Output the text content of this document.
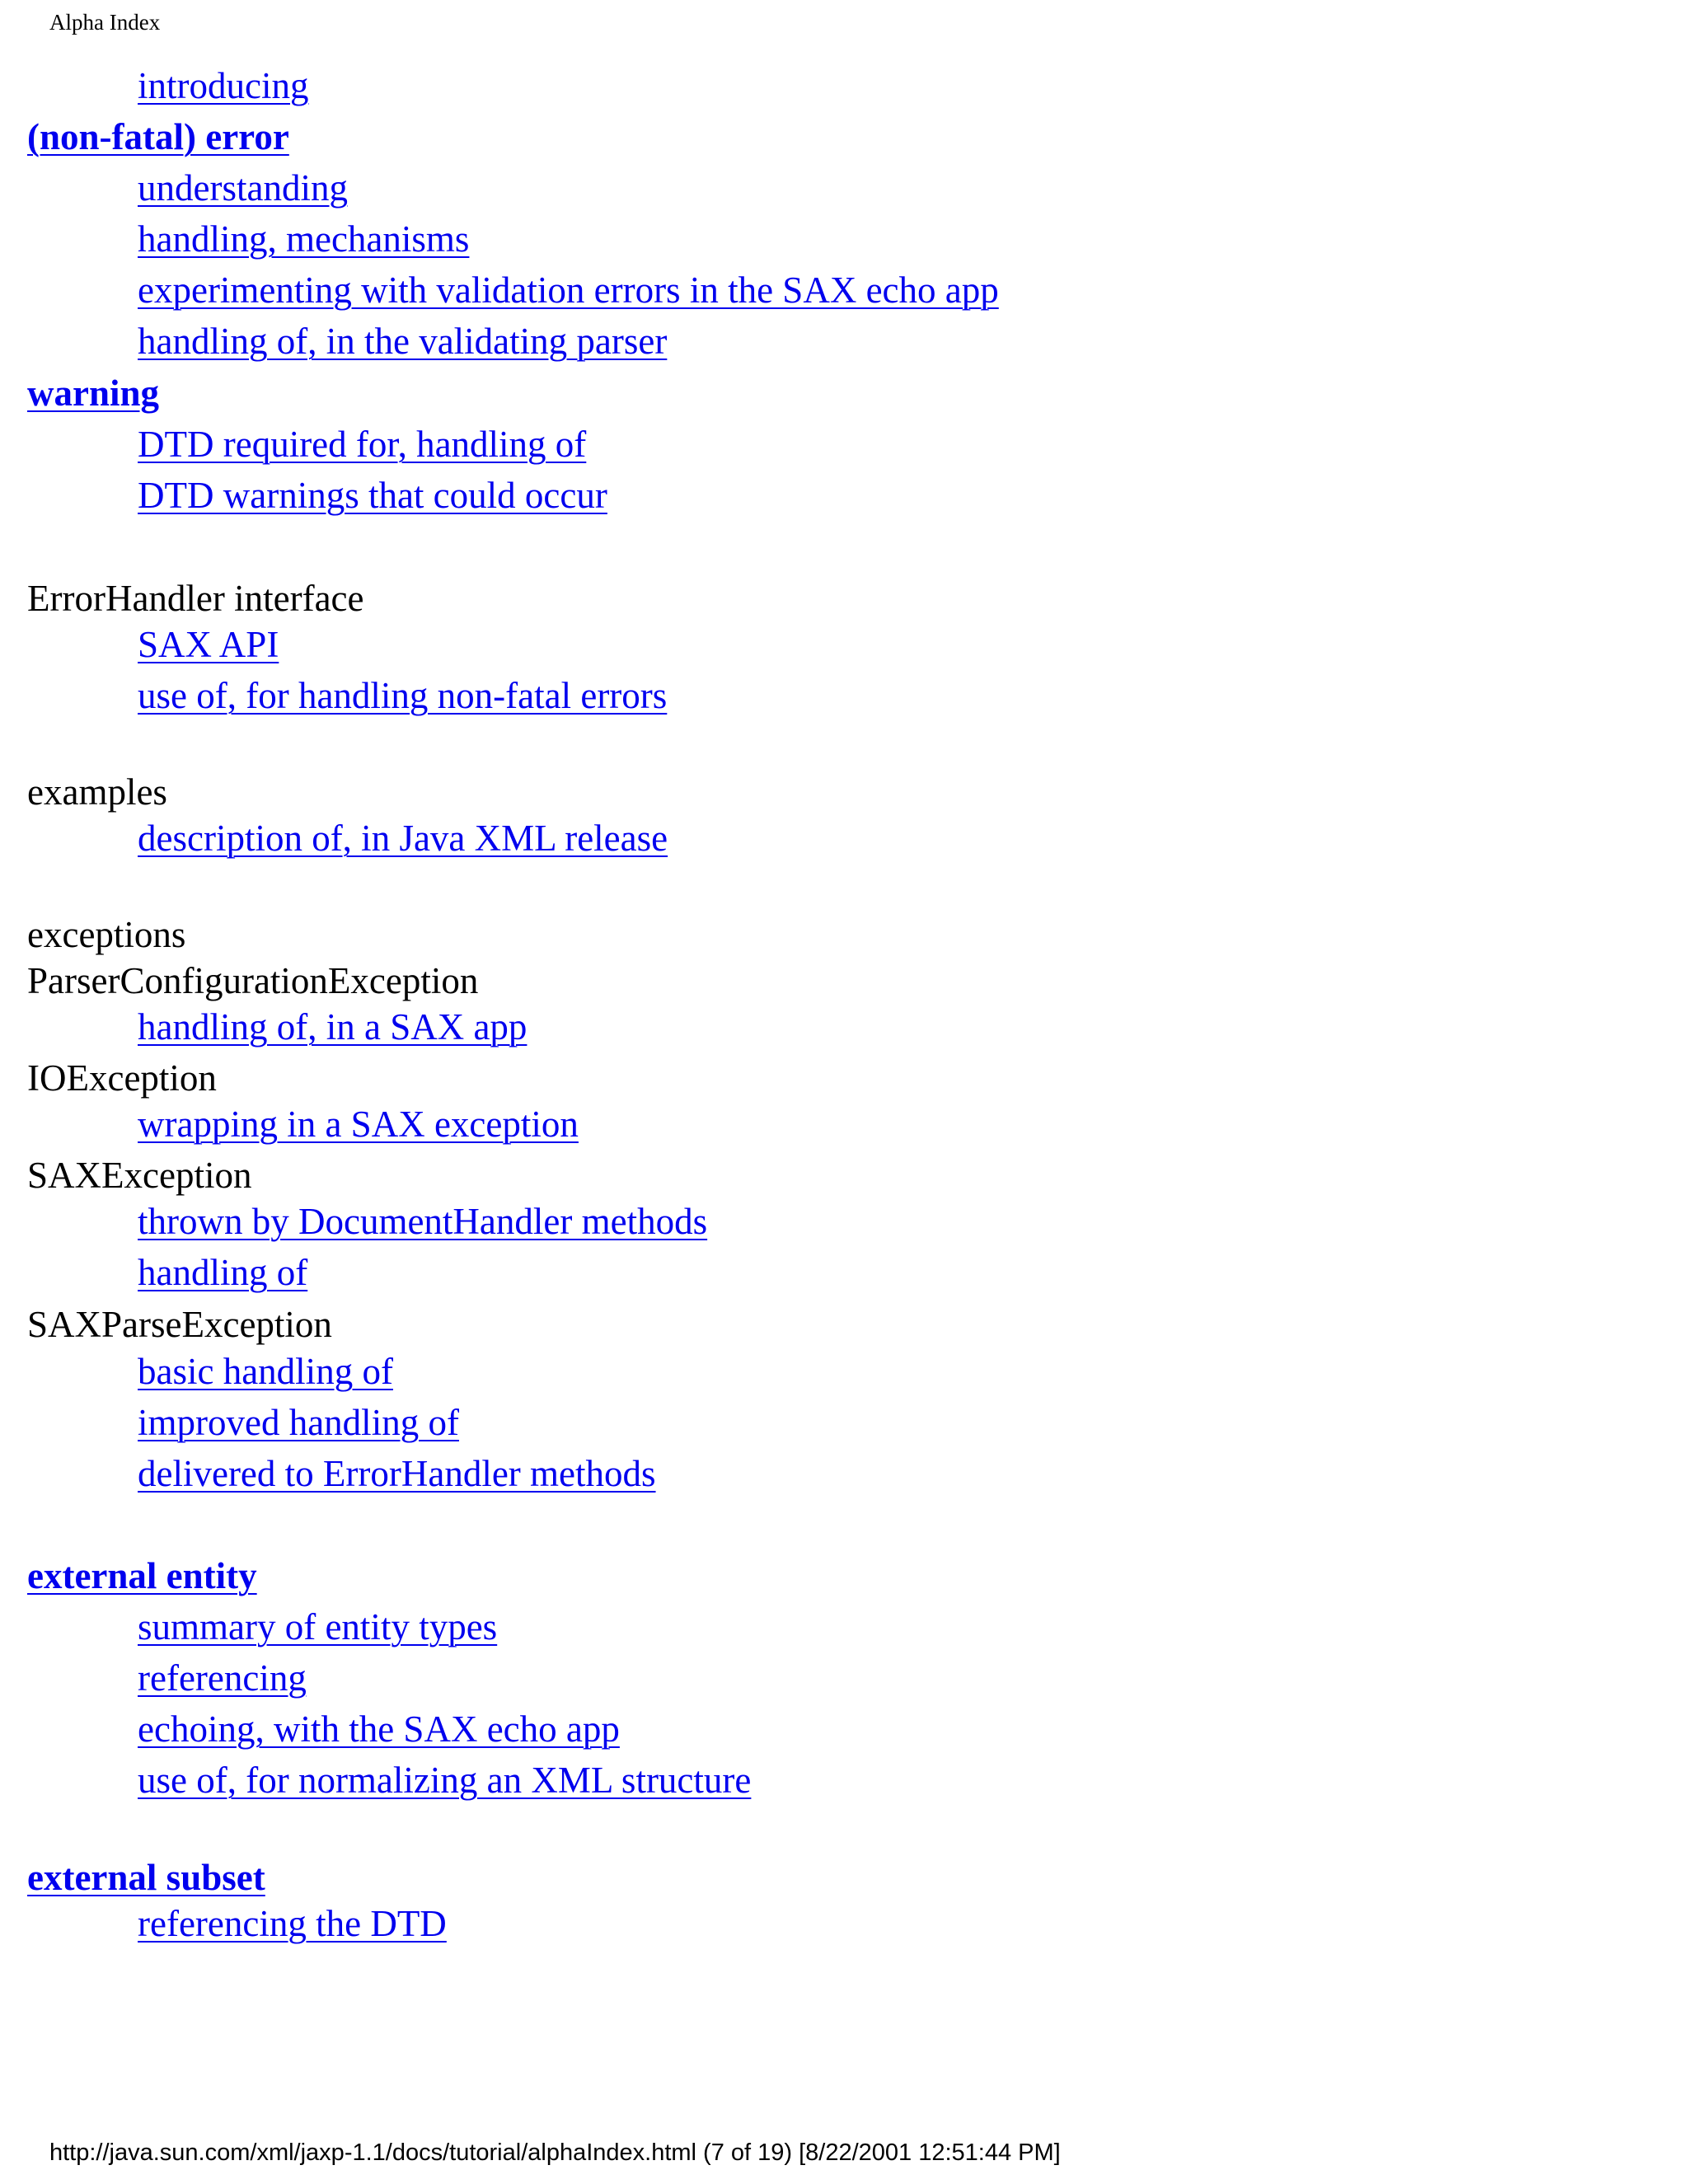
Alpha Index
introducing
(non-fatal) error
understanding
handling, mechanisms
experimenting with validation errors in the SAX echo app
handling of, in the validating parser
warning
DTD required for, handling of
DTD warnings that could occur
ErrorHandler interface
SAX API
use of, for handling non-fatal errors
examples
description of, in Java XML release
exceptions
ParserConfigurationException
handling of, in a SAX app
IOException
wrapping in a SAX exception
SAXException
thrown by DocumentHandler methods
handling of
SAXParseException
basic handling of
improved handling of
delivered to ErrorHandler methods
external entity
summary of entity types
referencing
echoing, with the SAX echo app
use of, for normalizing an XML structure
external subset
referencing the DTD
http://java.sun.com/xml/jaxp-1.1/docs/tutorial/alphaIndex.html (7 of 19) [8/22/2001 12:51:44 PM]
